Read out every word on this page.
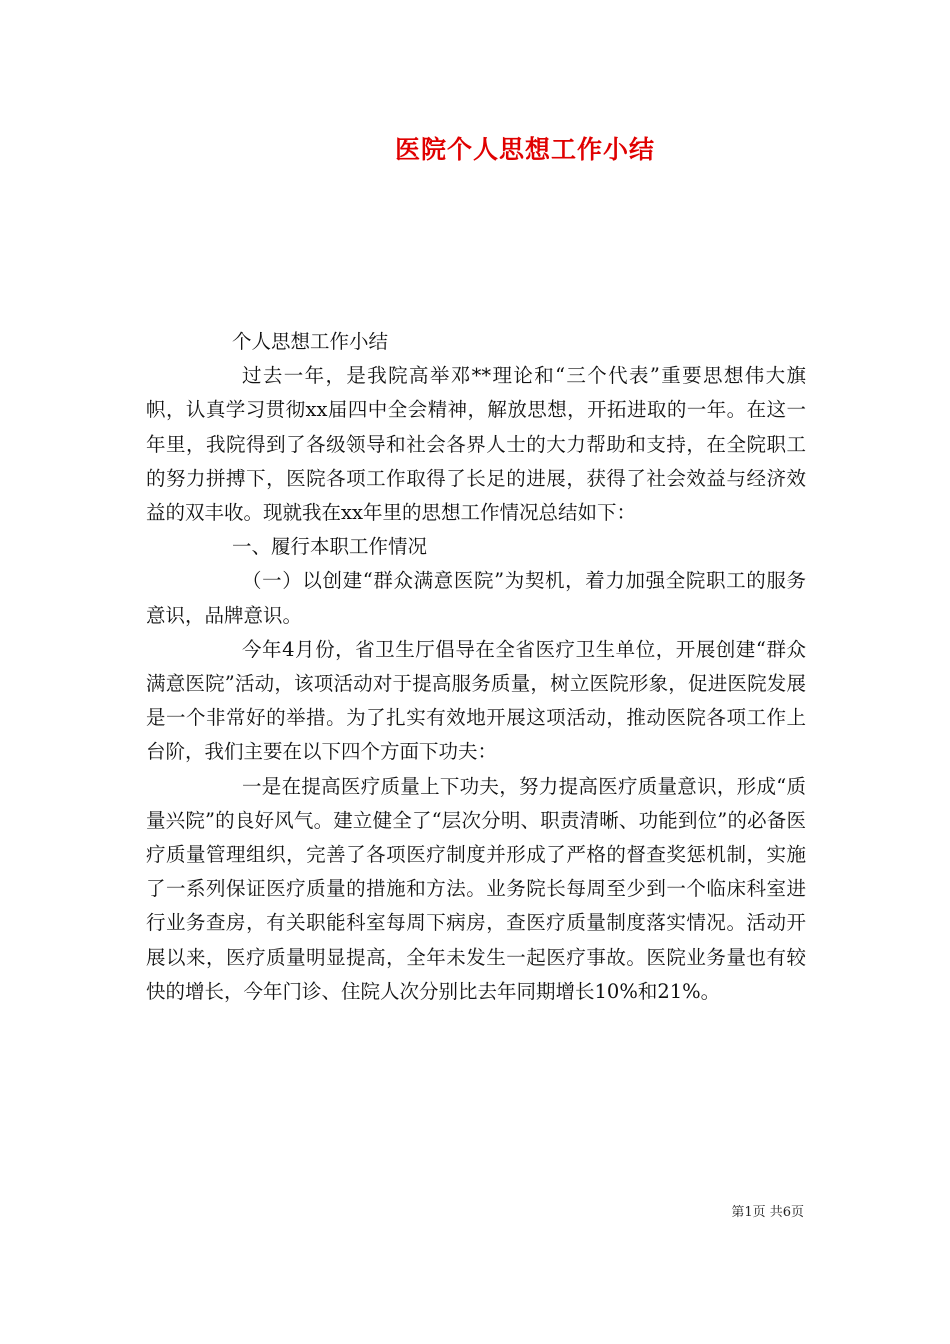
医院个人思想工作小结

个人思想工作小结

过去一年，是我院高举邓**理论和“三个代表”重要思想伟大旗帜，认真学习贯彻xx届四中全会精神，解放思想，开拓进取的一年。在这一年里，我院得到了各级领导和社会各界人士的大力帮助和支持，在全院职工的努力拼搏下，医院各项工作取得了长足的进展，获得了社会效益与经济效益的双丰收。现就我在xx年里的思想工作情况总结如下：

一、履行本职工作情况

（一）以创建“群众满意医院”为契机，着力加强全院职工的服务意识，品牌意识。

今年4月份，省卫生厅倡导在全省医疗卫生单位，开展创建“群众满意医院”活动，该项活动对于提高服务质量，树立医院形象，促进医院发展是一个非常好的举措。为了扎实有效地开展这项活动，推动医院各项工作上台阶，我们主要在以下四个方面下功夫：

一是在提高医疗质量上下功夫，努力提高医疗质量意识，形成“质量兴院”的良好风气。建立健全了“层次分明、职责清晰、功能到位”的必备医疗质量管理组织，完善了各项医疗制度并形成了严格的督查奖惩机制，实施了一系列保证医疗质量的措施和方法。业务院长每周至少到一个临床科室进行业务查房，有关职能科室每周下病房，查医疗质量制度落实情况。活动开展以来，医疗质量明显提高，全年未发生一起医疗事故。医院业务量也有较快的增长，今年门诊、住院人次分别比去年同期增长10%和21%。

第1页 共6页
